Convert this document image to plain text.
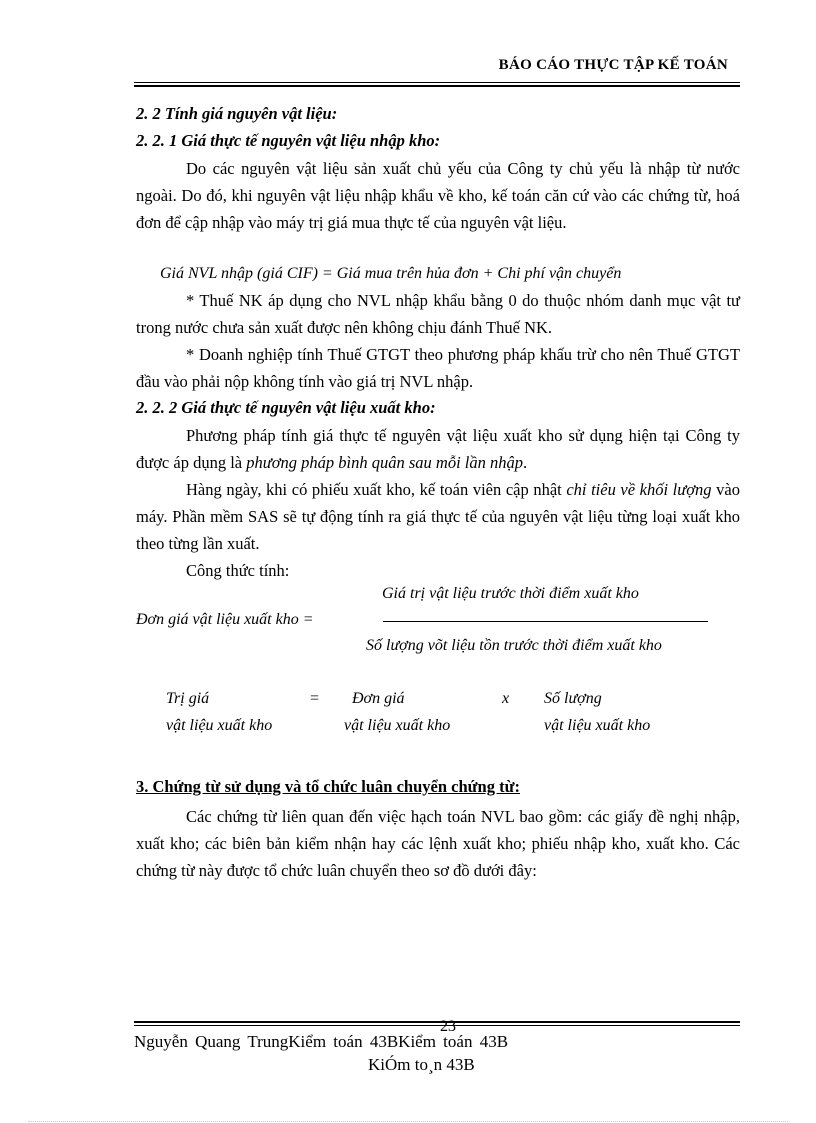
BÁO CÁO THỰC TẬP KẾ TOÁN
2. 2 Tính giá nguyên vật liệu:
2. 2. 1 Giá thực tế nguyên vật liệu nhập kho:

Do các nguyên vật liệu sản xuất chủ yếu của Công ty chủ yếu là nhập từ nước ngoài. Do đó, khi nguyên vật liệu nhập khẩu về kho, kế toán căn cứ vào các chứng từ, hoá đơn để cập nhập vào máy trị giá mua thực tế của nguyên vật liệu.

Giá NVL nhập (giá CIF) = Giá mua trên hủa đơn + Chi phí vận chuyển

* Thuế NK áp dụng cho NVL nhập khẩu bằng 0 do thuộc nhóm danh mục vật tư trong nước chưa sản xuất được nên không chịu đánh Thuế NK.

* Doanh nghiệp tính Thuế GTGT theo phương pháp khấu trừ cho nên Thuế GTGT đầu vào phải nộp không tính vào giá trị NVL nhập.

2. 2. 2 Giá thực tế nguyên vật liệu xuất kho:

Phương pháp tính giá thực tế nguyên vật liệu xuất kho sử dụng hiện tại Công ty được áp dụng là phương pháp bình quân sau mỗi lần nhập.

Hàng ngày, khi có phiếu xuất kho, kế toán viên cập nhật chỉ tiêu về khối lượng vào máy. Phần mềm SAS sẽ tự động tính ra giá thực tế của nguyên vật liệu từng loại xuất kho theo từng lần xuất.

Công thức tính:

Giá trị vật liệu trước thời điểm xuất kho
Đơn giá vật liệu xuất kho =
Số lượng võt liệu tồn trước thời điểm xuất kho
Trị giá
vật liệu xuất kho
= Đơn giá
vật liệu xuất kho
x Số lượng
vật liệu xuất kho
3. Chứng từ sử dụng và tổ chức luân chuyển chứng từ:

Các chứng từ liên quan đến việc hạch toán NVL bao gồm: các giấy đề nghị nhập, xuất kho; các biên bản kiểm nhận hay các lệnh xuất kho; phiếu nhập kho, xuất kho. Các chứng từ này được tổ chức luân chuyển theo sơ đồ dưới đây:

23
Nguyễn Quang TrungKiểm toán 43BKiểm toán 43B
KiÓm to¸n 43B
